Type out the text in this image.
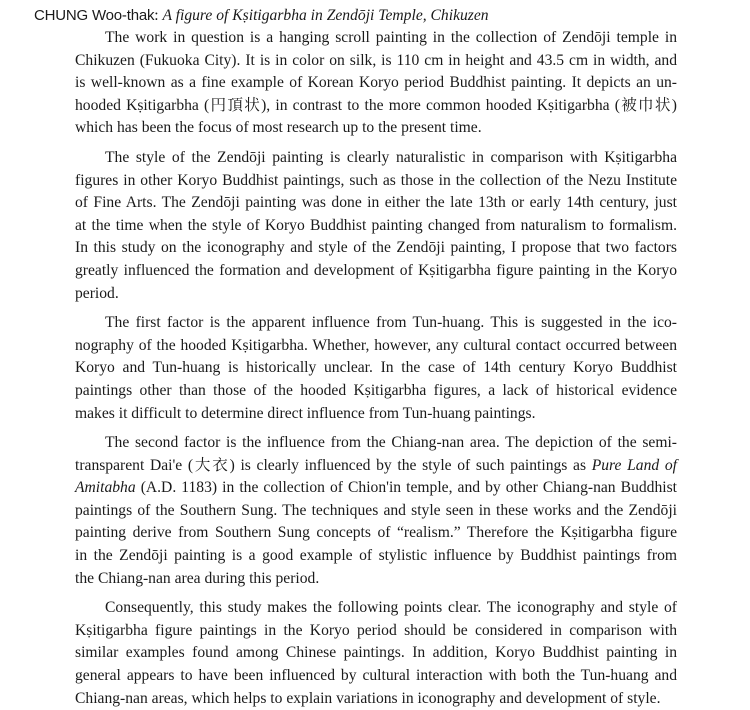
CHUNG Woo-thak: A figure of Kṣitigarbha in Zendōji Temple, Chikuzen
The work in question is a hanging scroll painting in the collection of Zendōji temple in
Chikuzen (Fukuoka City). It is in color on silk, is 110 cm in height and 43.5 cm in width, and
is well-known as a fine example of Korean Koryo period Buddhist painting. It depicts an un-
hooded Kṣitigarbha (円頂状), in contrast to the more common hooded Kṣitigarbha (被巾状)
which has been the focus of most research up to the present time.
The style of the Zendōji painting is clearly naturalistic in comparison with Kṣitigarbha
figures in other Koryo Buddhist paintings, such as those in the collection of the Nezu Institute
of Fine Arts. The Zendōji painting was done in either the late 13th or early 14th century, just
at the time when the style of Koryo Buddhist painting changed from naturalism to formalism.
In this study on the iconography and style of the Zendōji painting, I propose that two factors
greatly influenced the formation and development of Kṣitigarbha figure painting in the Koryo
period.
The first factor is the apparent influence from Tun-huang. This is suggested in the ico-
nography of the hooded Kṣitigarbha. Whether, however, any cultural contact occurred between
Koryo and Tun-huang is historically unclear. In the case of 14th century Koryo Buddhist
paintings other than those of the hooded Kṣitigarbha figures, a lack of historical evidence
makes it difficult to determine direct influence from Tun-huang paintings.
The second factor is the influence from the Chiang-nan area. The depiction of the semi-
transparent Dai'e (大衣) is clearly influenced by the style of such paintings as Pure Land of
Amitabha (A.D. 1183) in the collection of Chion'in temple, and by other Chiang-nan Buddhist
paintings of the Southern Sung. The techniques and style seen in these works and the Zendōji
painting derive from Southern Sung concepts of “realism.” Therefore the Kṣitigarbha figure
in the Zendōji painting is a good example of stylistic influence by Buddhist paintings from
the Chiang-nan area during this period.
Consequently, this study makes the following points clear. The iconography and style of
Kṣitigarbha figure paintings in the Koryo period should be considered in comparison with
similar examples found among Chinese paintings. In addition, Koryo Buddhist painting in
general appears to have been influenced by cultural interaction with both the Tun-huang and
Chiang-nan areas, which helps to explain variations in iconography and development of style.
